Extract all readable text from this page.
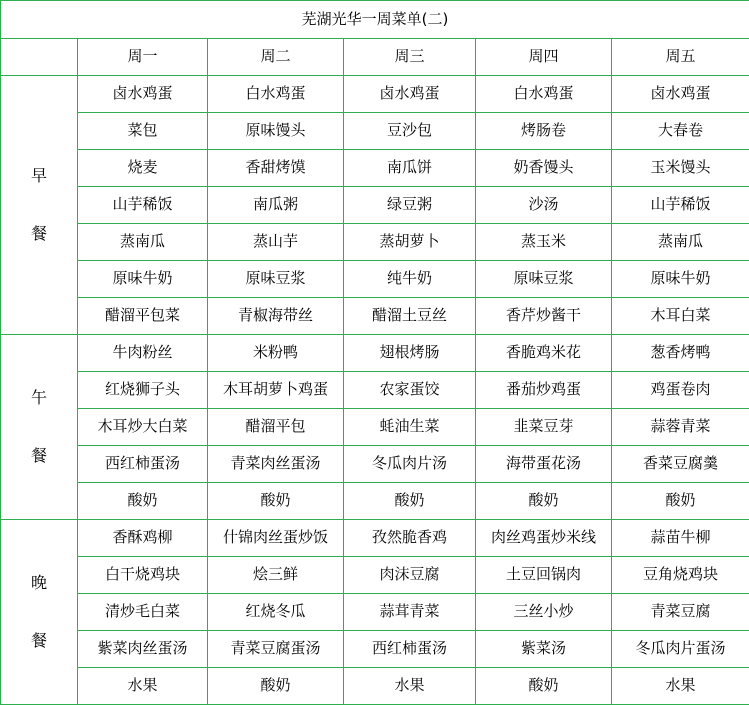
芜湖光华一周菜单(二)					
	周一	周二	周三	周四	周五

早
餐	卤水鸡蛋	白水鸡蛋	卤水鸡蛋	白水鸡蛋	卤水鸡蛋
	菜包	原味馒头	豆沙包	烤肠卷	大春卷
	烧麦	香甜烤馍	南瓜饼	奶香馒头	玉米馒头
	山芋稀饭	南瓜粥	绿豆粥	沙汤	山芋稀饭
	蒸南瓜	蒸山芋	蒸胡萝卜	蒸玉米	蒸南瓜
	原味牛奶	原味豆浆	纯牛奶	原味豆浆	原味牛奶
	醋溜平包菜	青椒海带丝	醋溜土豆丝	香芹炒酱干	木耳白菜

午
餐	牛肉粉丝	米粉鸭	翅根烤肠	香脆鸡米花	葱香烤鸭
	红烧狮子头	木耳胡萝卜鸡蛋	农家蛋饺	番茄炒鸡蛋	鸡蛋卷肉
	木耳炒大白菜	醋溜平包	蚝油生菜	韭菜豆芽	蒜蓉青菜
	西红柿蛋汤	青菜肉丝蛋汤	冬瓜肉片汤	海带蛋花汤	香菜豆腐羹
	酸奶	酸奶	酸奶	酸奶	酸奶

晚
餐	香酥鸡柳	什锦肉丝蛋炒饭	孜然脆香鸡	肉丝鸡蛋炒米线	蒜苗牛柳
	白干烧鸡块	烩三鲜	肉沫豆腐	土豆回锅肉	豆角烧鸡块
	清炒毛白菜	红烧冬瓜	蒜茸青菜	三丝小炒	青菜豆腐
	紫菜肉丝蛋汤	青菜豆腐蛋汤	西红柿蛋汤	紫菜汤	冬瓜肉片蛋汤
	水果	酸奶	水果	酸奶	水果
